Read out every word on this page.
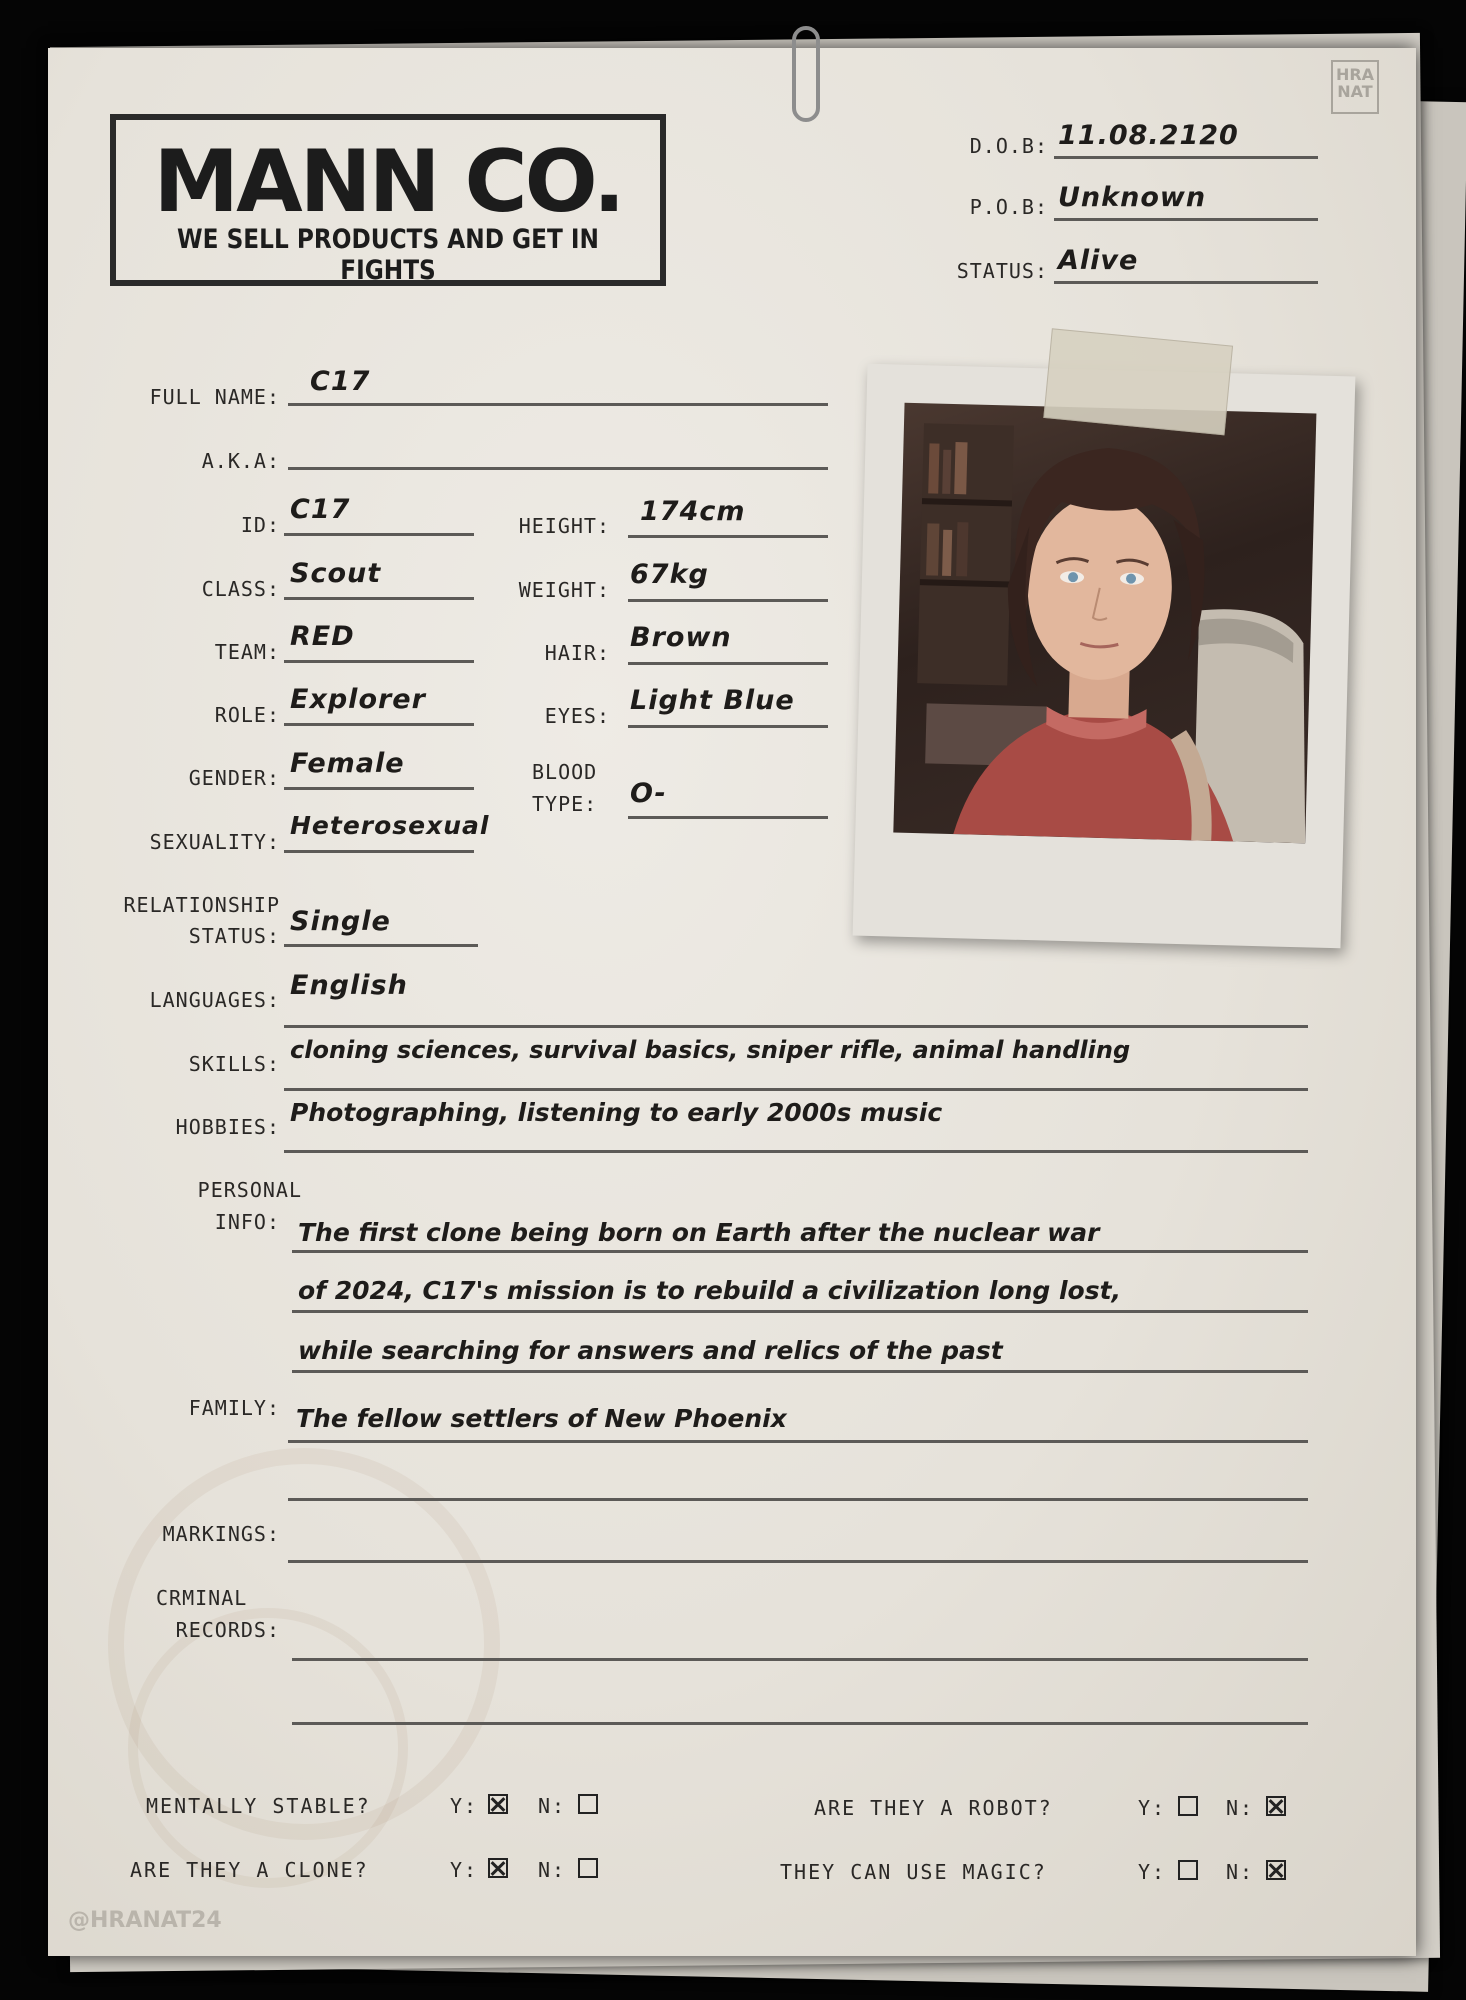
HRA NAT
MANN CO.
WE SELL PRODUCTS AND GET IN FIGHTS
D.O.B: 11.08.2120
P.O.B: Unknown
STATUS: Alive
FULL NAME: C17
A.K.A:
ID: C17
CLASS: Scout
TEAM: RED
ROLE: Explorer
GENDER: Female
SEXUALITY:
Heterosexual
HEIGHT: 174cm
WEIGHT: 67kg
HAIR: Brown
EYES: Light Blue
BLOOD
TYPE: O-
RELATIONSHIP
STATUS: Single
LANGUAGES: English
SKILLS: cloning sciences, survival basics, sniper rifle, animal handling
HOBBIES: Photographing, listening to early 2000s music
PERSONAL
INFO: The first clone being born on Earth after the nuclear war
of 2024, C17's mission is to rebuild a civilization long lost,
while searching for answers and relics of the past
FAMILY: The fellow settlers of New Phoenix
MARKINGS:
CRMINAL
RECORDS:
MENTALLY STABLE?	Y:	N:
ARE THEY A CLONE?	Y:	N:
ARE THEY A ROBOT?	Y:	N:
THEY CAN USE MAGIC?	Y:	N:
@HRANAT24
